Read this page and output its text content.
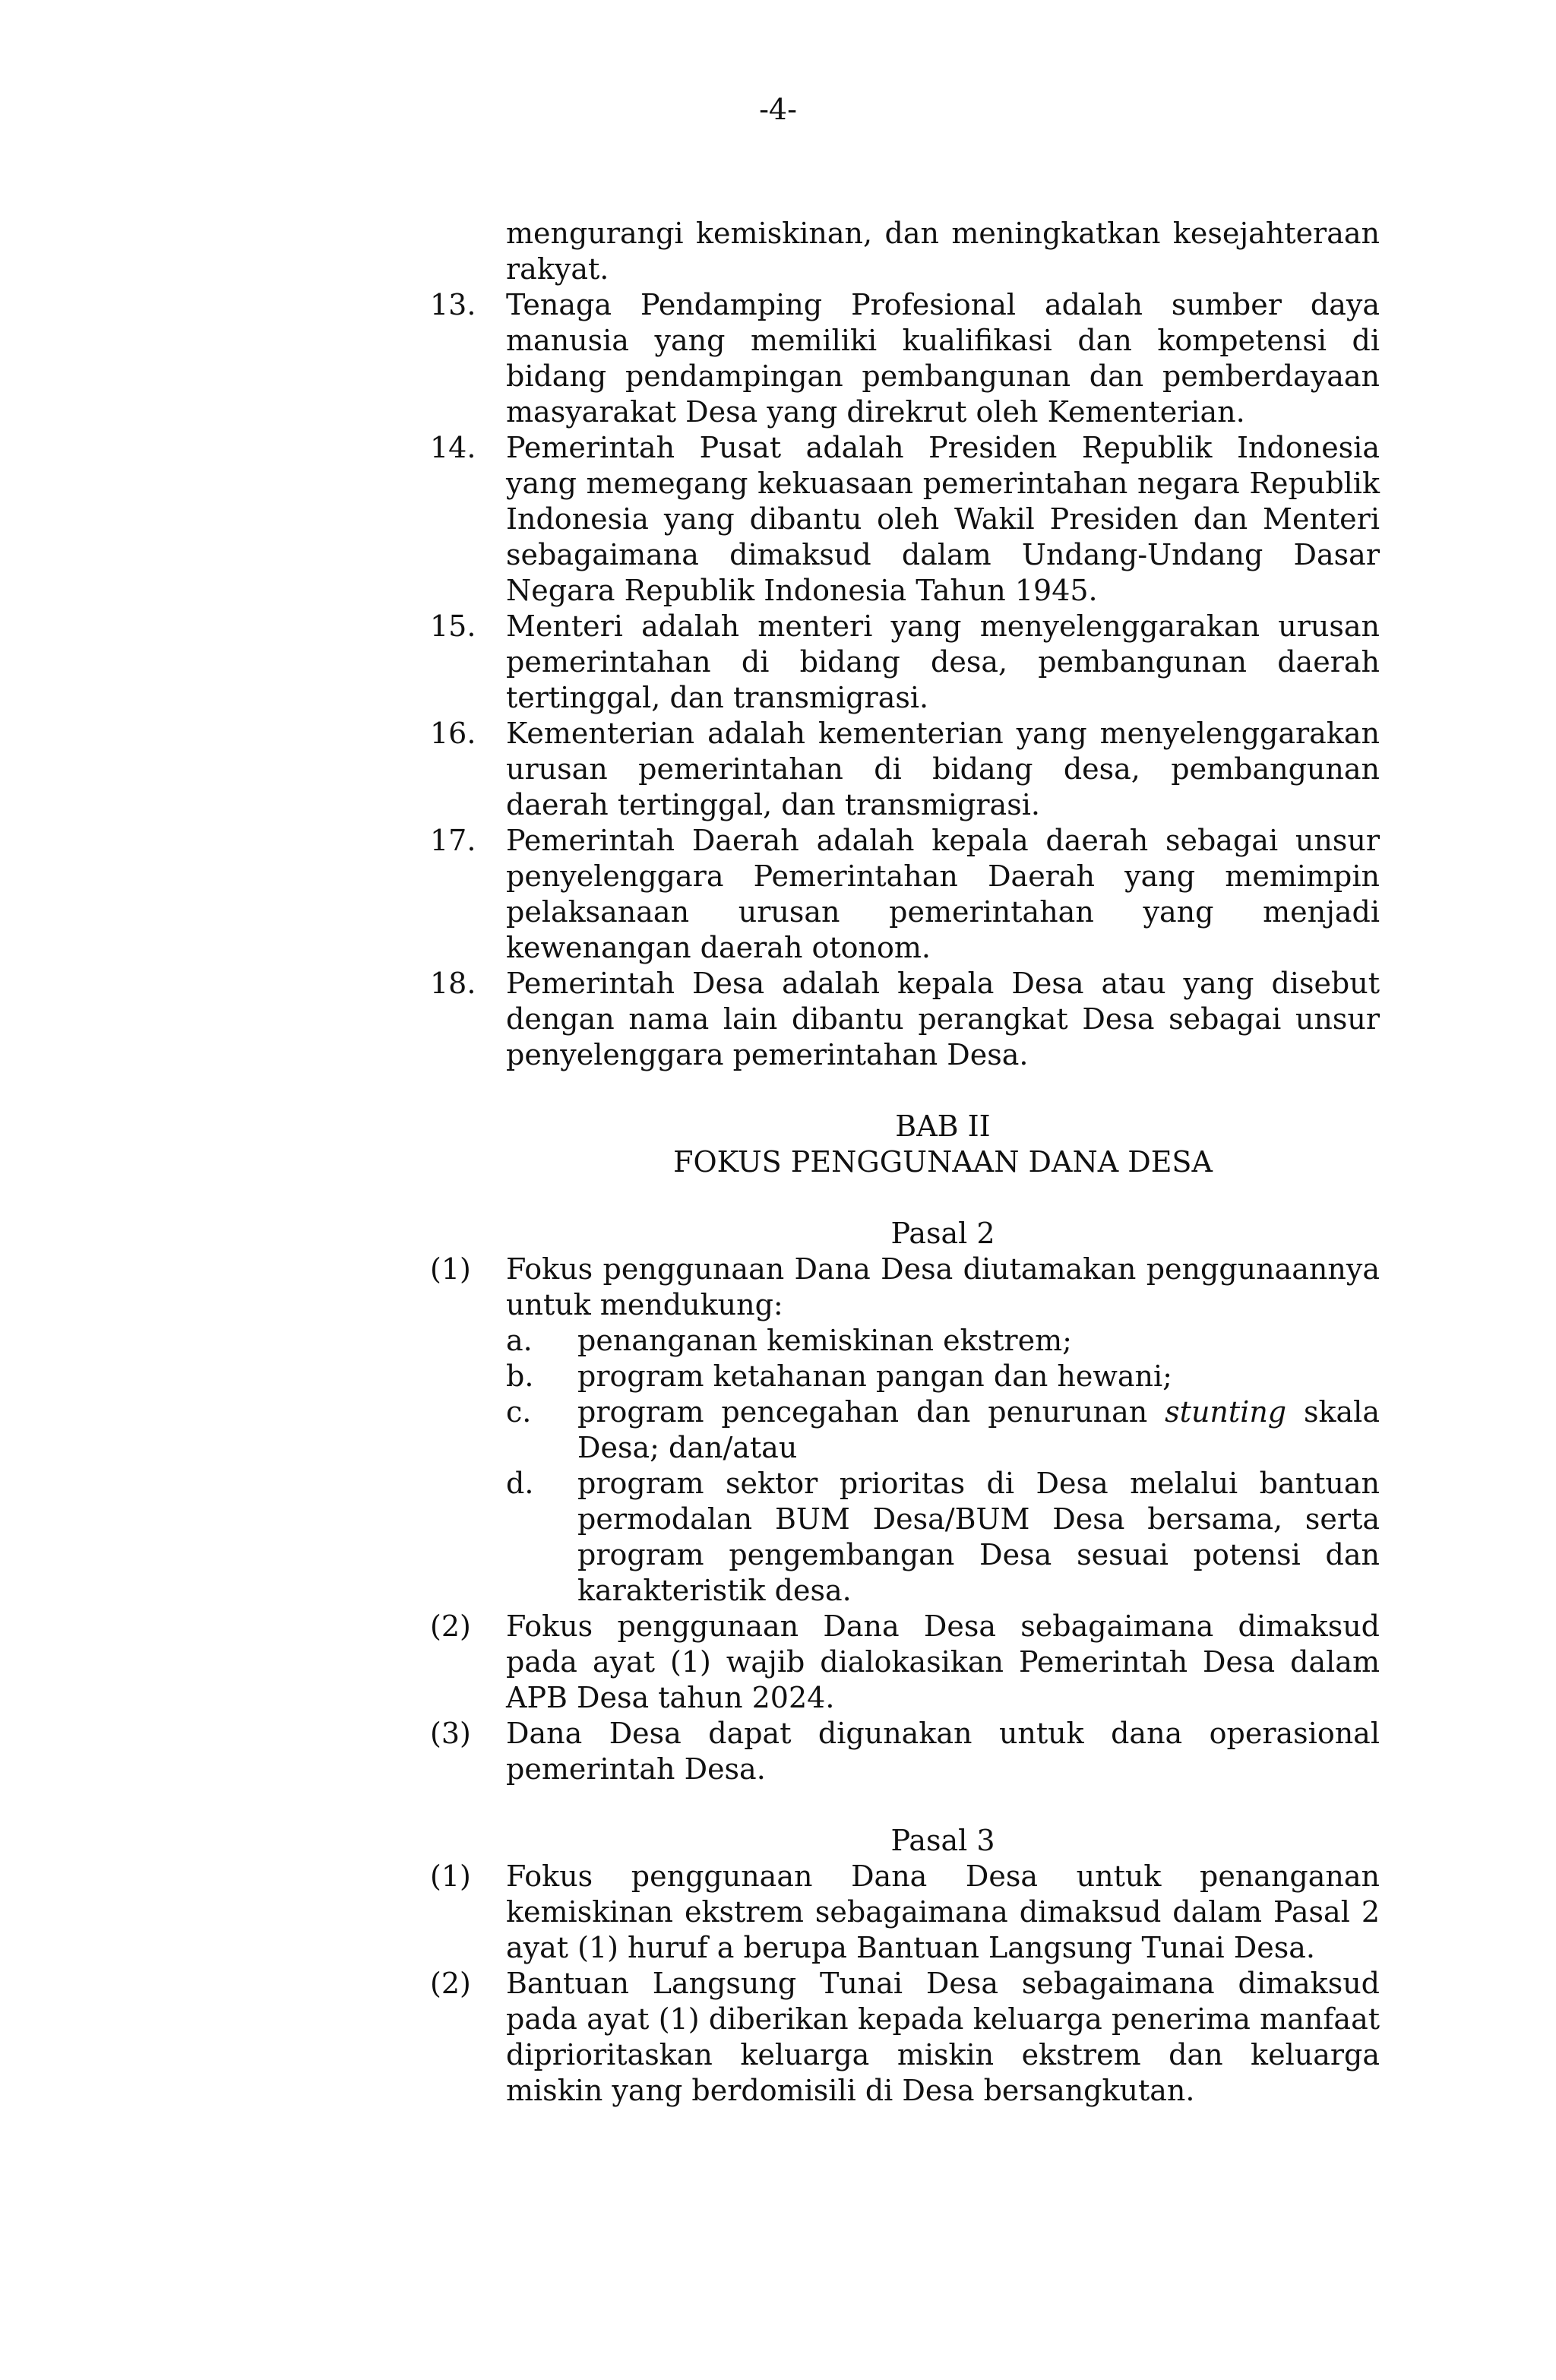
-4-
mengurangi kemiskinan, dan meningkatkan kesejahteraan rakyat.
13.	Tenaga Pendamping Profesional adalah sumber daya manusia yang memiliki kualifikasi dan kompetensi di bidang pendampingan pembangunan dan pemberdayaan masyarakat Desa yang direkrut oleh Kementerian.
14.	Pemerintah Pusat adalah Presiden Republik Indonesia yang memegang kekuasaan pemerintahan negara Republik Indonesia yang dibantu oleh Wakil Presiden dan Menteri sebagaimana dimaksud dalam Undang-Undang Dasar Negara Republik Indonesia Tahun 1945.
15.	Menteri adalah menteri yang menyelenggarakan urusan pemerintahan di bidang desa, pembangunan daerah tertinggal, dan transmigrasi.
16.	Kementerian adalah kementerian yang menyelenggarakan urusan pemerintahan di bidang desa, pembangunan daerah tertinggal, dan transmigrasi.
17.	Pemerintah Daerah adalah kepala daerah sebagai unsur penyelenggara Pemerintahan Daerah yang memimpin pelaksanaan urusan pemerintahan yang menjadi kewenangan daerah otonom.
18.	Pemerintah Desa adalah kepala Desa atau yang disebut dengan nama lain dibantu perangkat Desa sebagai unsur penyelenggara pemerintahan Desa.
BAB II
FOKUS PENGGUNAAN DANA DESA
Pasal 2
(1)	Fokus penggunaan Dana Desa diutamakan penggunaannya untuk mendukung:
a.	penanganan kemiskinan ekstrem;
b.	program ketahanan pangan dan hewani;
c.	program pencegahan dan penurunan stunting skala Desa; dan/atau
d.	program sektor prioritas di Desa melalui bantuan permodalan BUM Desa/BUM Desa bersama, serta program pengembangan Desa sesuai potensi dan karakteristik desa.
(2)	Fokus penggunaan Dana Desa sebagaimana dimaksud pada ayat (1) wajib dialokasikan Pemerintah Desa dalam APB Desa tahun 2024.
(3)	Dana Desa dapat digunakan untuk dana operasional pemerintah Desa.
Pasal 3
(1)	Fokus penggunaan Dana Desa untuk penanganan kemiskinan ekstrem sebagaimana dimaksud dalam Pasal 2 ayat (1) huruf a berupa Bantuan Langsung Tunai Desa.
(2)	Bantuan Langsung Tunai Desa sebagaimana dimaksud pada ayat (1) diberikan kepada keluarga penerima manfaat diprioritaskan keluarga miskin ekstrem dan keluarga miskin yang berdomisili di Desa bersangkutan.
